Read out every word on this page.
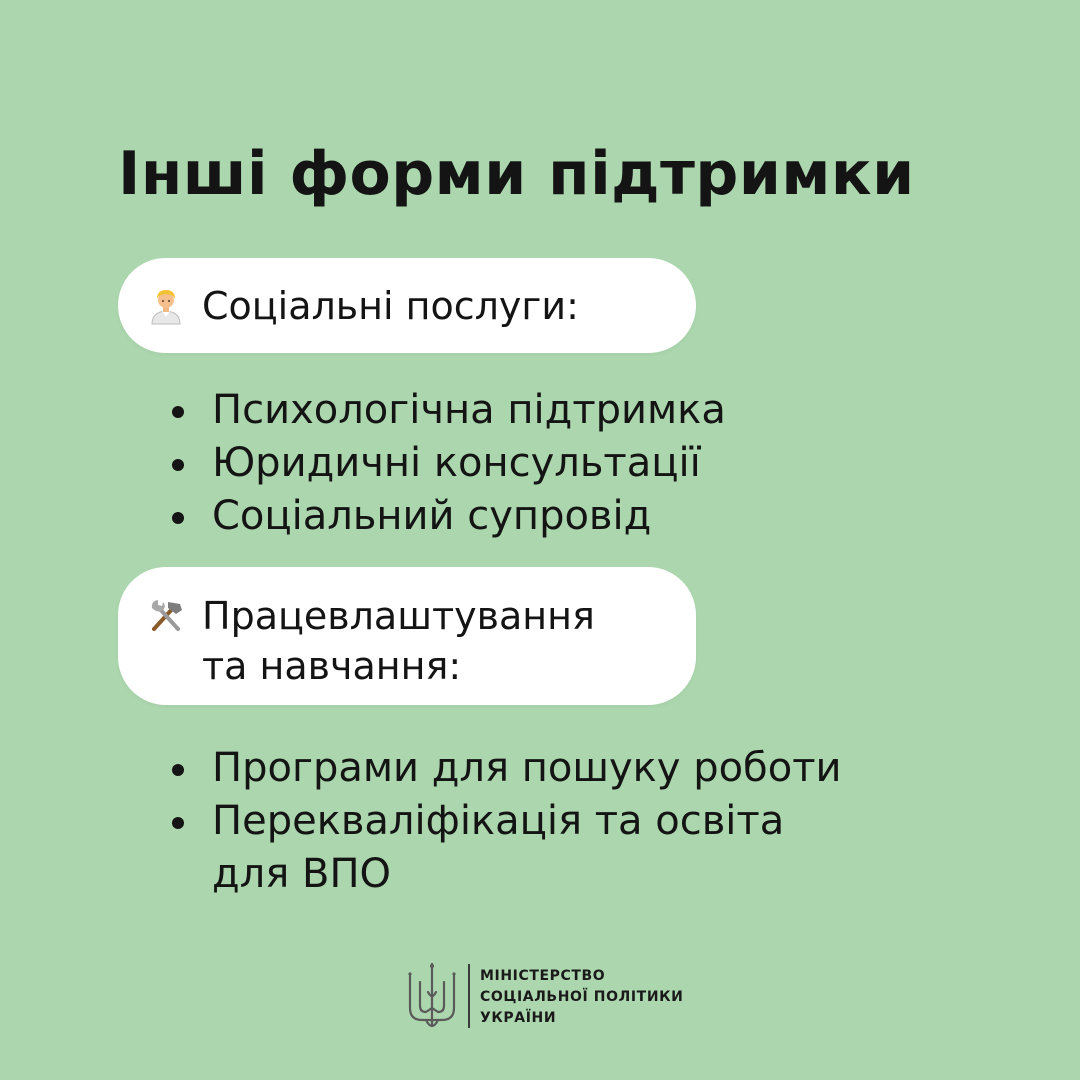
Інші форми підтримки
Соціальні послуги:
Психологічна підтримка
Юридичні консультації
Соціальний супровід
Працевлаштування
та навчання:
Програми для пошуку роботи
Перекваліфікація та освіта
для ВПО
МІНІСТЕРСТВО
СОЦІАЛЬНОЇ ПОЛІТИКИ
УКРАЇНИ
